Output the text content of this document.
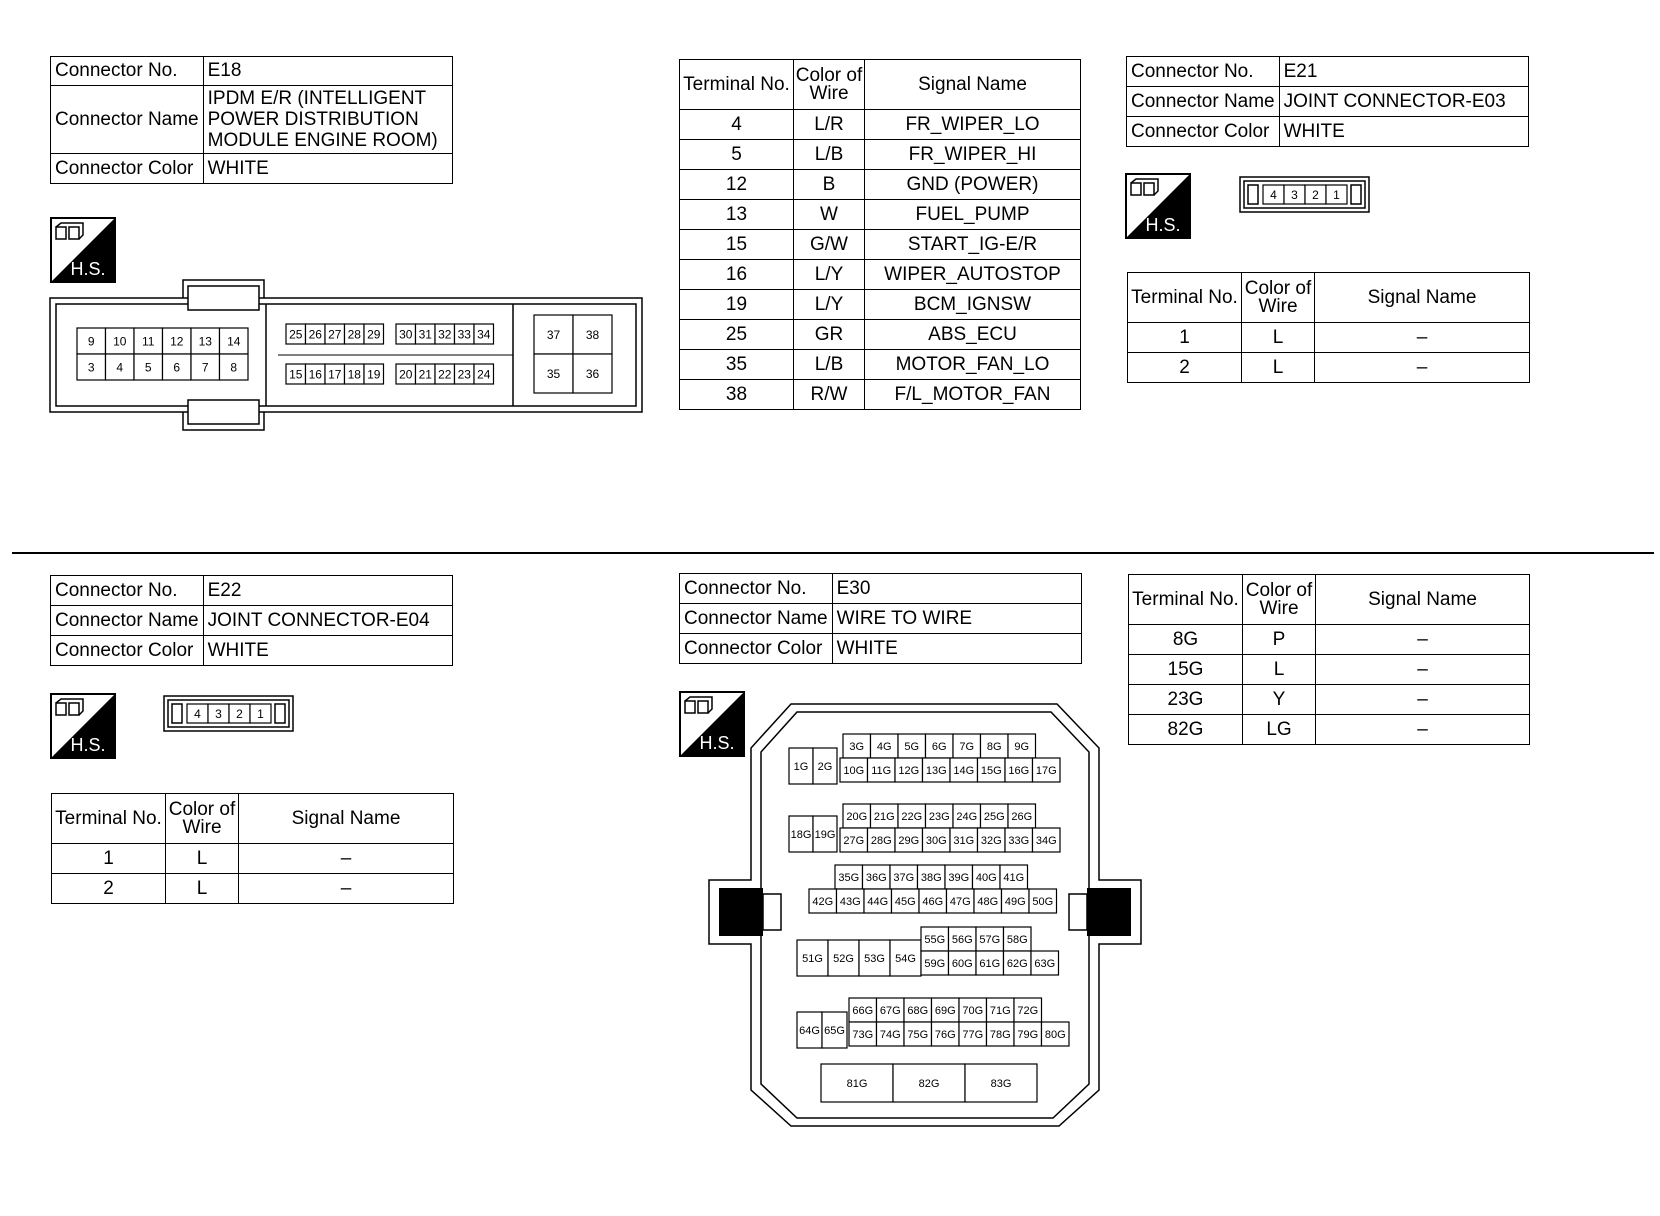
Connector No.	E18
Connector Name	IPDM E/R (INTELLIGENT
POWER DISTRIBUTION
MODULE ENGINE ROOM)

Connector Color	WHITE
H.S.
9 10 11 12 13 14
3 4 5 6 7 8
25 26 27 28 29 30 31 32 33 34
15 16 17 18 19 20 21 22 23 24
37 38
35 36
Terminal No.	Color of Wire	Signal Name
4	L/R	FR_WIPER_LO
5	L/B	FR_WIPER_HI
12	B	GND (POWER)
13	W	FUEL_PUMP
15	G/W	START_IG-E/R
16	L/Y	WIPER_AUTOSTOP
19	L/Y	BCM_IGNSW
25	GR	ABS_ECU
35	L/B	MOTOR_FAN_LO
38	R/W	F/L_MOTOR_FAN
Connector No.	E21
Connector Name	JOINT CONNECTOR-E03
Connector Color	WHITE
H.S.
4 3 2 1
Terminal No.	Color of Wire	Signal Name
1	L	–
2	L	–
Connector No.	E22
Connector Name	JOINT CONNECTOR-E04
Connector Color	WHITE
H.S.
4 3 2 1
Terminal No.	Color of Wire	Signal Name
1	L	–
2	L	–
Connector No.	E30
Connector Name	WIRE TO WIRE
Connector Color	WHITE
H.S.
1G 2G
3G 4G 5G 6G 7G 8G 9G
10G 11G 12G 13G 14G 15G 16G 17G
18G 19G
20G 21G 22G 23G 24G 25G 26G
27G 28G 29G 30G 31G 32G 33G 34G
35G 36G 37G 38G 39G 40G 41G
42G 43G 44G 45G 46G 47G 48G 49G 50G
51G 52G 53G 54G
55G 56G 57G 58G
59G 60G 61G 62G 63G
64G 65G
66G 67G 68G 69G 70G 71G 72G
73G 74G 75G 76G 77G 78G 79G 80G
81G	82G	83G
Terminal No.	Color of Wire	Signal Name
8G	P	–
15G	L	–
23G	Y	–
82G	LG	–
